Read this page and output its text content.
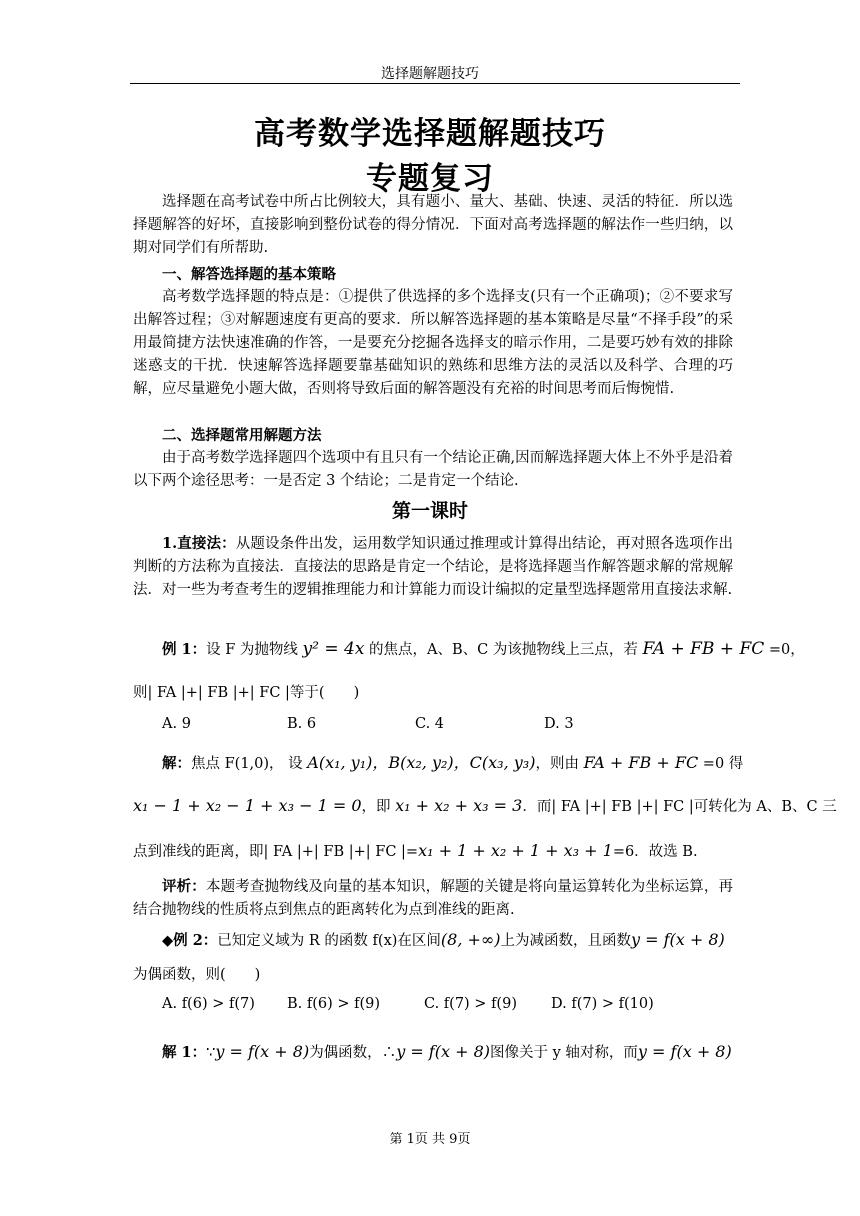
选择题解题技巧
高考数学选择题解题技巧
专题复习
选择题在高考试卷中所占比例较大，具有题小、量大、基础、快速、灵活的特征．所以选择题解答的好坏，直接影响到整份试卷的得分情况．下面对高考选择题的解法作一些归纳，以期对同学们有所帮助.
一、解答选择题的基本策略
高考数学选择题的特点是：①提供了供选择的多个选择支(只有一个正确项)；②不要求写出解答过程；③对解题速度有更高的要求．所以解答选择题的基本策略是尽量“不择手段”的采用最简捷方法快速准确的作答，一是要充分挖掘各选择支的暗示作用，二是要巧妙有效的排除迷惑支的干扰．快速解答选择题要靠基础知识的熟练和思维方法的灵活以及科学、合理的巧解，应尽量避免小题大做，否则将导致后面的解答题没有充裕的时间思考而后悔惋惜.
二、选择题常用解题方法
由于高考数学选择题四个选项中有且只有一个结论正确,因而解选择题大体上不外乎是沿着以下两个途径思考：一是否定 3 个结论；二是肯定一个结论.
第一课时
1.直接法：从题设条件出发，运用数学知识通过推理或计算得出结论，再对照各选项作出判断的方法称为直接法．直接法的思路是肯定一个结论，是将选择题当作解答题求解的常规解法．对一些为考查考生的逻辑推理能力和计算能力而设计编拟的定量型选择题常用直接法求解.
例 1：设 F 为抛物线 y² = 4x 的焦点，A、B、C 为该抛物线上三点，若 FA + FB + FC =0，
则| FA |+| FB |+| FC |等于(　　)
A. 9	B. 6	C. 4	D. 3
解：焦点 F(1,0)， 设 A(x₁, y₁)，B(x₂, y₂)，C(x₃, y₃)，则由 FA + FB + FC =0 得
x₁ − 1 + x₂ − 1 + x₃ − 1 = 0，即 x₁ + x₂ + x₃ = 3．而| FA |+| FB |+| FC |可转化为 A、B、C 三
点到准线的距离，即| FA |+| FB |+| FC |=x₁ + 1 + x₂ + 1 + x₃ + 1=6．故选 B.
评析：本题考查抛物线及向量的基本知识，解题的关键是将向量运算转化为坐标运算，再结合抛物线的性质将点到焦点的距离转化为点到准线的距离.
◆例 2：已知定义域为 R 的函数 f(x)在区间(8, +∞)上为减函数，且函数y = f(x + 8)
为偶函数，则(　　)
A. f(6) > f(7) B. f(6) > f(9)	C. f(7) > f(9) D. f(7) > f(10)
解 1：∵y = f(x + 8)为偶函数，∴y = f(x + 8)图像关于 y 轴对称，而y = f(x + 8)
第 1页 共 9页
